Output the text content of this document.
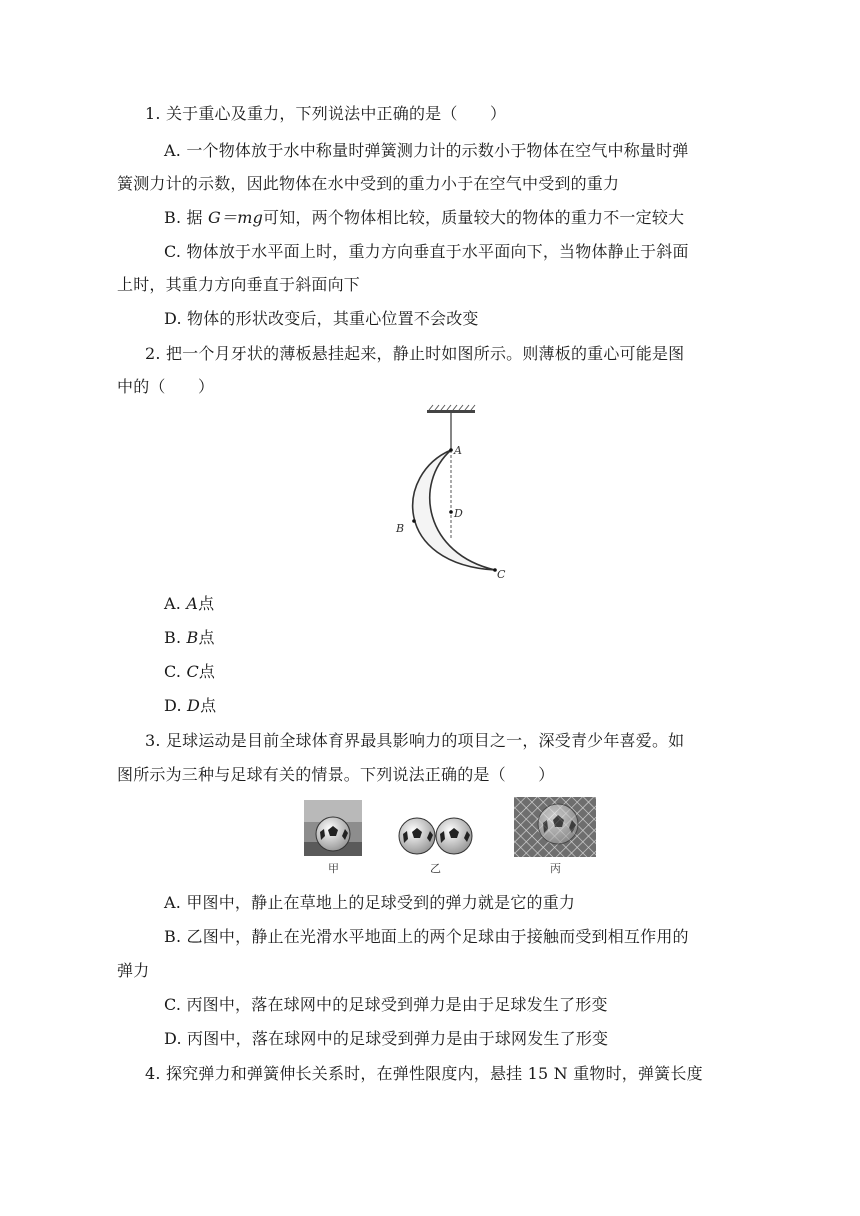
1. 关于重心及重力，下列说法中正确的是（　　）
A. 一个物体放于水中称量时弹簧测力计的示数小于物体在空气中称量时弹
簧测力计的示数，因此物体在水中受到的重力小于在空气中受到的重力
B. 据 G＝mg可知，两个物体相比较，质量较大的物体的重力不一定较大
C. 物体放于水平面上时，重力方向垂直于水平面向下，当物体静止于斜面
上时，其重力方向垂直于斜面向下
D. 物体的形状改变后，其重心位置不会改变
2. 把一个月牙状的薄板悬挂起来，静止时如图所示。则薄板的重心可能是图
中的（　　）
A
D
B
C
A. A点
B. B点
C. C点
D. D点
3. 足球运动是目前全球体育界最具影响力的项目之一，深受青少年喜爱。如
图所示为三种与足球有关的情景。下列说法正确的是（　　）
甲	乙	丙
A. 甲图中，静止在草地上的足球受到的弹力就是它的重力
B. 乙图中，静止在光滑水平地面上的两个足球由于接触而受到相互作用的
弹力
C. 丙图中，落在球网中的足球受到弹力是由于足球发生了形变
D. 丙图中，落在球网中的足球受到弹力是由于球网发生了形变
4. 探究弹力和弹簧伸长关系时，在弹性限度内，悬挂 15 N 重物时，弹簧长度
